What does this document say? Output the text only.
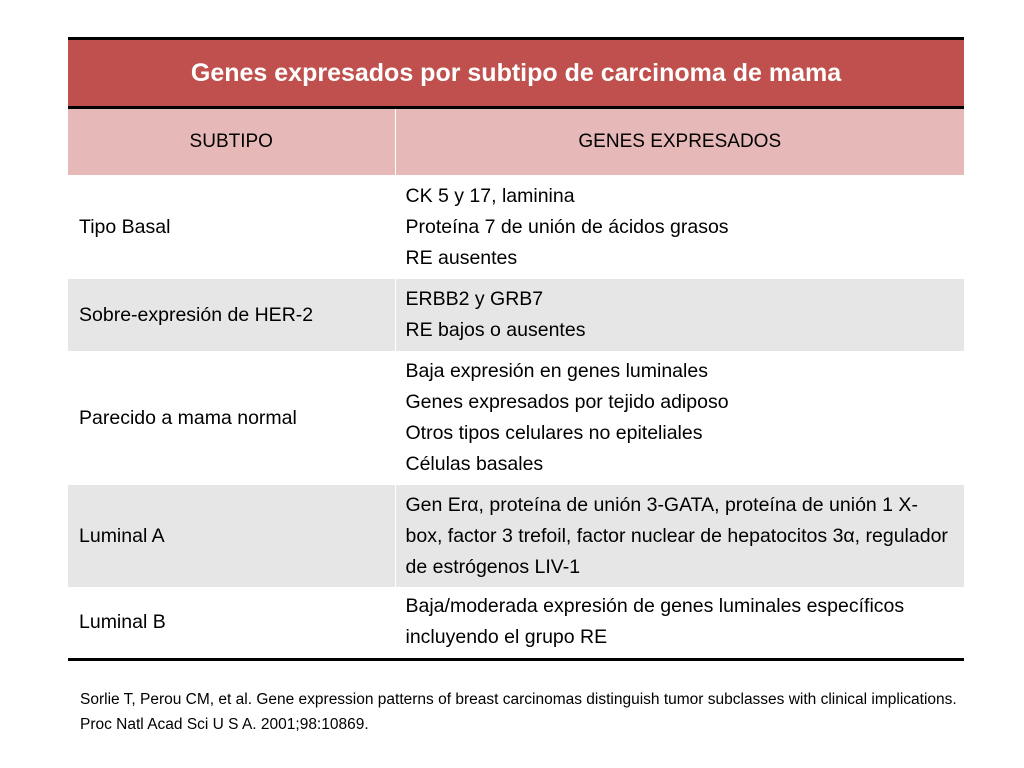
Genes expresados por subtipo de carcinoma de mama	
SUBTIPO	GENES EXPRESADOS
Tipo Basal	CK 5 y 17, laminina
Proteína 7 de unión de ácidos grasos
RE ausentes

Sobre-expresión de HER-2	ERBB2 y GRB7
RE bajos o ausentes

Parecido a mama normal	Baja expresión en genes luminales
Genes expresados por tejido adiposo
Otros tipos celulares no epiteliales
Células basales

Luminal A	Gen Erα, proteína de unión 3-GATA, proteína de unión 1 X-box, factor 3 trefoil, factor nuclear de hepatocitos 3α, regulador de estrógenos LIV-1

Luminal B	Baja/moderada expresión de genes luminales específicos incluyendo el grupo RE

Sorlie T, Perou CM, et al. Gene expression patterns of breast carcinomas distinguish tumor subclasses with clinical implications. Proc Natl Acad Sci U S A. 2001;98:10869.
